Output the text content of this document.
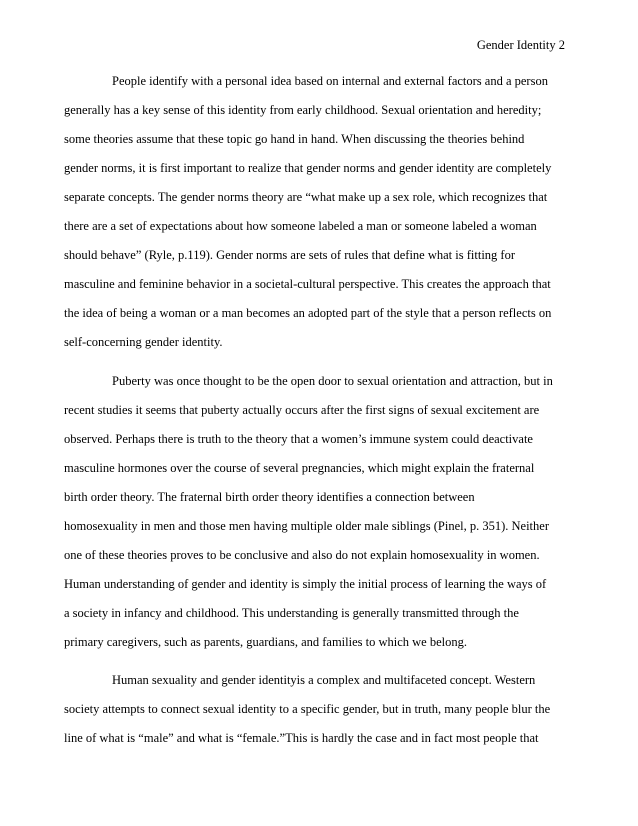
Gender Identity 2
People identify with a personal idea based on internal and external factors and a person
generally has a key sense of this identity from early childhood. Sexual orientation and heredity;
some theories assume that these topic go hand in hand. When discussing the theories behind
gender norms, it is first important to realize that gender norms and gender identity are completely
separate concepts. The gender norms theory are “what make up a sex role, which recognizes that
there are a set of expectations about how someone labeled a man or someone labeled a woman
should behave” (Ryle, p.119). Gender norms are sets of rules that define what is fitting for
masculine and feminine behavior in a societal-cultural perspective. This creates the approach that
the idea of being a woman or a man becomes an adopted part of the style that a person reflects on
self-concerning gender identity.
Puberty was once thought to be the open door to sexual orientation and attraction, but in
recent studies it seems that puberty actually occurs after the first signs of sexual excitement are
observed. Perhaps there is truth to the theory that a women’s immune system could deactivate
masculine hormones over the course of several pregnancies, which might explain the fraternal
birth order theory. The fraternal birth order theory identifies a connection between
homosexuality in men and those men having multiple older male siblings (Pinel, p. 351). Neither
one of these theories proves to be conclusive and also do not explain homosexuality in women.
Human understanding of gender and identity is simply the initial process of learning the ways of
a society in infancy and childhood. This understanding is generally transmitted through the
primary caregivers, such as parents, guardians, and families to which we belong.
Human sexuality and gender identityis a complex and multifaceted concept. Western
society attempts to connect sexual identity to a specific gender, but in truth, many people blur the
line of what is “male” and what is “female.”This is hardly the case and in fact most people that
